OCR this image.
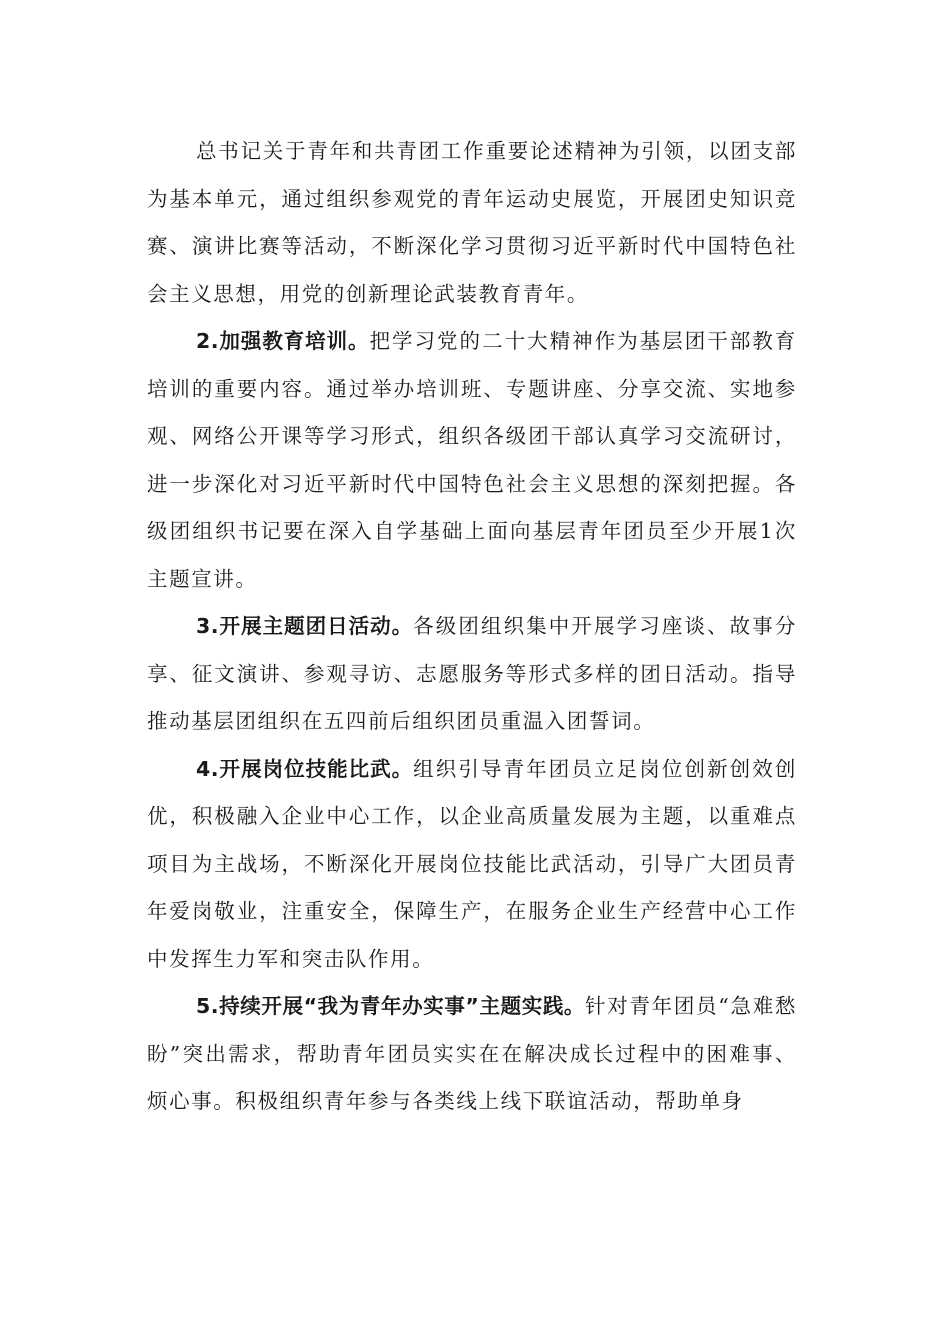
总书记关于青年和共青团工作重要论述精神为引领，以团支部为基本单元，通过组织参观党的青年运动史展览，开展团史知识竞赛、演讲比赛等活动，不断深化学习贯彻习近平新时代中国特色社会主义思想，用党的创新理论武装教育青年。

2.加强教育培训。把学习党的二十大精神作为基层团干部教育培训的重要内容。通过举办培训班、专题讲座、分享交流、实地参观、网络公开课等学习形式，组织各级团干部认真学习交流研讨，进一步深化对习近平新时代中国特色社会主义思想的深刻把握。各级团组织书记要在深入自学基础上面向基层青年团员至少开展1次主题宣讲。

3.开展主题团日活动。各级团组织集中开展学习座谈、故事分享、征文演讲、参观寻访、志愿服务等形式多样的团日活动。指导推动基层团组织在五四前后组织团员重温入团誓词。

4.开展岗位技能比武。组织引导青年团员立足岗位创新创效创优，积极融入企业中心工作，以企业高质量发展为主题，以重难点项目为主战场，不断深化开展岗位技能比武活动，引导广大团员青年爱岗敬业，注重安全，保障生产，在服务企业生产经营中心工作中发挥生力军和突击队作用。

5.持续开展“我为青年办实事”主题实践。针对青年团员“急难愁盼”突出需求，帮助青年团员实实在在解决成长过程中的困难事、烦心事。积极组织青年参与各类线上线下联谊活动，帮助单身
